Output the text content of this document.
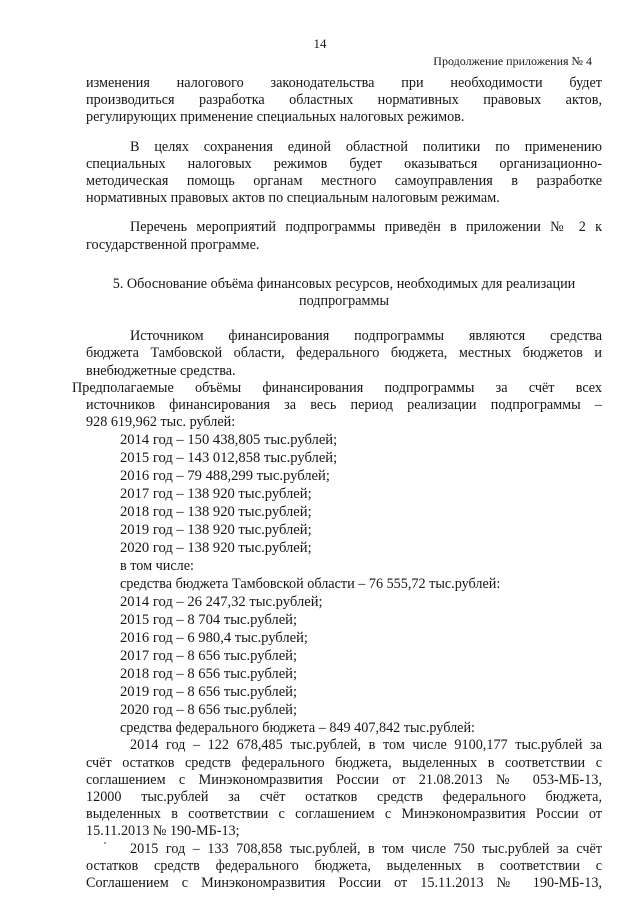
14
Продолжение приложения № 4

изменения налогового законодательства при необходимости будет

производиться разработка областных нормативных правовых актов,

регулирующих применение специальных налоговых режимов.

В целях сохранения единой областной политики по применению

специальных налоговых режимов будет оказываться организационно-

методическая помощь органам местного самоуправления в разработке

нормативных правовых актов по специальным налоговым режимам.

Перечень мероприятий подпрограммы приведён в приложении № 2 к

государственной программе.

5. Обоснование объёма финансовых ресурсов, необходимых для реализации

подпрограммы

Источником финансирования подпрограммы являются средства

бюджета Тамбовской области, федерального бюджета, местных бюджетов и

внебюджетные средства.

Предполагаемые объёмы финансирования подпрограммы за счёт всех

источников финансирования за весь период реализации подпрограммы –

928 619,962 тыс. рублей:

2014 год – 150 438,805 тыс.рублей;

2015 год – 143 012,858 тыс.рублей;

2016 год – 79 488,299 тыс.рублей;

2017 год – 138 920 тыс.рублей;

2018 год – 138 920 тыс.рублей;

2019 год – 138 920 тыс.рублей;

2020 год – 138 920 тыс.рублей;

в том числе:

средства бюджета Тамбовской области – 76 555,72 тыс.рублей:

2014 год – 26 247,32 тыс.рублей;

2015 год – 8 704 тыс.рублей;

2016 год – 6 980,4 тыс.рублей;

2017 год – 8 656 тыс.рублей;

2018 год – 8 656 тыс.рублей;

2019 год – 8 656 тыс.рублей;

2020 год – 8 656 тыс.рублей;

средства федерального бюджета – 849 407,842 тыс.рублей:

2014 год – 122 678,485 тыс.рублей, в том числе 9100,177 тыс.рублей за

счёт остатков средств федерального бюджета, выделенных в соответствии с

соглашением с Минэкономразвития России от 21.08.2013 № 053-МБ-13,

12000 тыс.рублей за счёт остатков средств федерального бюджета,

выделенных в соответствии с соглашением с Минэкономразвития России от

15.11.2013 № 190-МБ-13;

2015 год – 133 708,858 тыс.рублей, в том числе 750 тыс.рублей за счёт

остатков средств федерального бюджета, выделенных в соответствии с

Соглашением с Минэкономразвития России от 15.11.2013 № 190-МБ-13,
